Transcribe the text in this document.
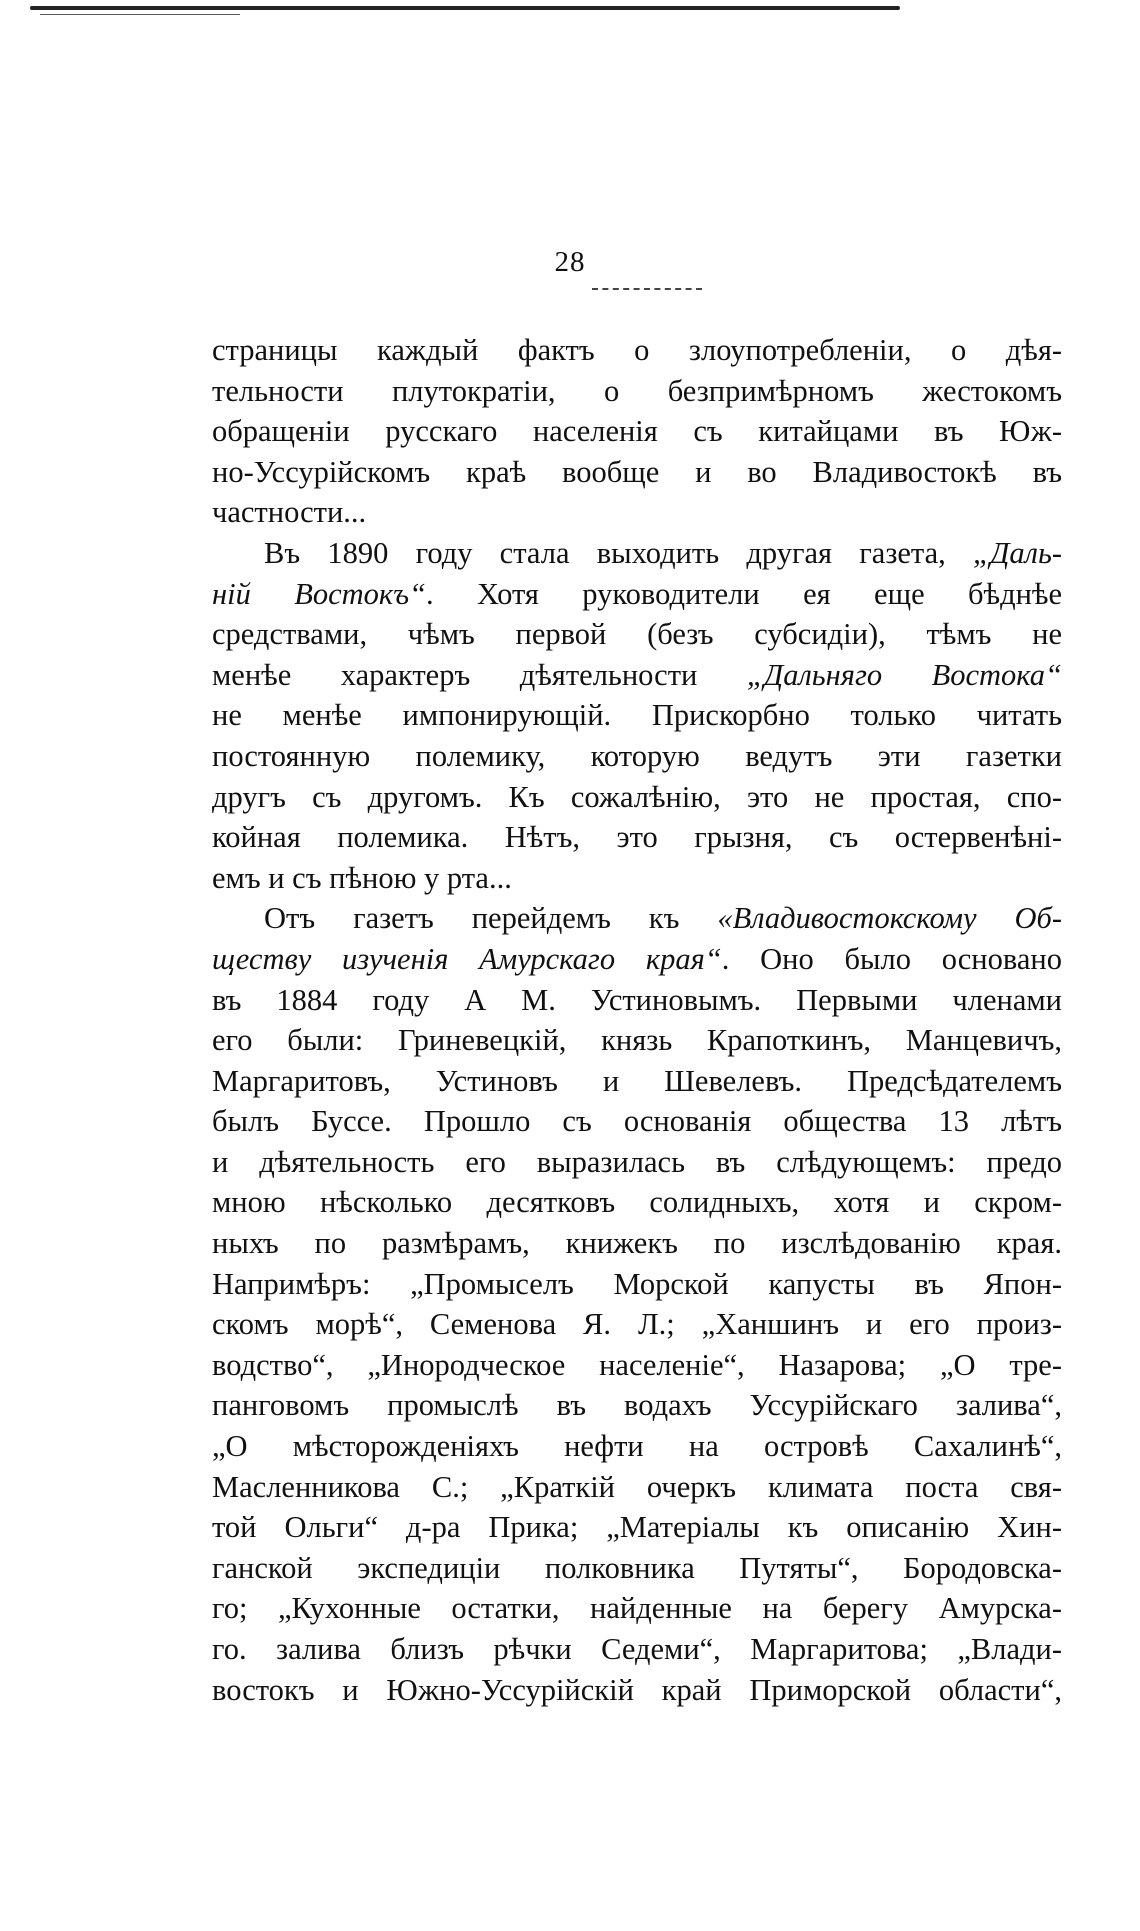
28
страницы каждый фактъ о злоупотребленіи, о дѣя-
тельности плутократіи, о безпримѣрномъ жестокомъ
обращеніи русскаго населенія съ китайцами въ Юж-
но-Уссурійскомъ краѣ вообще и во Владивостокѣ въ
частности...
Въ 1890 году стала выходить другая газета, „Даль-
ній Востокъ“. Хотя руководители ея еще бѣднѣе
средствами, чѣмъ первой (безъ субсидіи), тѣмъ не
менѣе характеръ дѣятельности „Дальняго Востока“
не менѣе импонирующій. Прискорбно только читать
постоянную полемику, которую ведутъ эти газетки
другъ съ другомъ. Къ сожалѣнію, это не простая, спо-
койная полемика. Нѣтъ, это грызня, съ остервенѣні-
емъ и съ пѣною у рта...
Отъ газетъ перейдемъ къ «Владивостокскому Об-
ществу изученія Амурскаго края“. Оно было основано
въ 1884 году А М. Устиновымъ. Первыми членами
его были: Гриневецкій, князь Крапоткинъ, Манцевичъ,
Маргаритовъ, Устиновъ и Шевелевъ. Предсѣдателемъ
былъ Буссе. Прошло съ основанія общества 13 лѣтъ
и дѣятельность его выразилась въ слѣдующемъ: предо
мною нѣсколько десятковъ солидныхъ, хотя и скром-
ныхъ по размѣрамъ, книжекъ по изслѣдованію края.
Напримѣръ: „Промыселъ Морской капусты въ Япон-
скомъ морѣ“, Семенова Я. Л.; „Ханшинъ и его произ-
водство“, „Инородческое населеніе“, Назарова; „О тре-
панговомъ промыслѣ въ водахъ Уссурійскаго залива“,
„О мѣсторожденіяхъ нефти на островѣ Сахалинѣ“,
Масленникова С.; „Краткій очеркъ климата поста свя-
той Ольги“ д-ра Прика; „Матеріалы къ описанію Хин-
ганской экспедиціи полковника Путяты“, Бородовска-
го; „Кухонные остатки, найденные на берегу Амурска-
го. залива близъ рѣчки Седеми“, Маргаритова; „Влади-
востокъ и Южно-Уссурійскій край Приморской области“,
